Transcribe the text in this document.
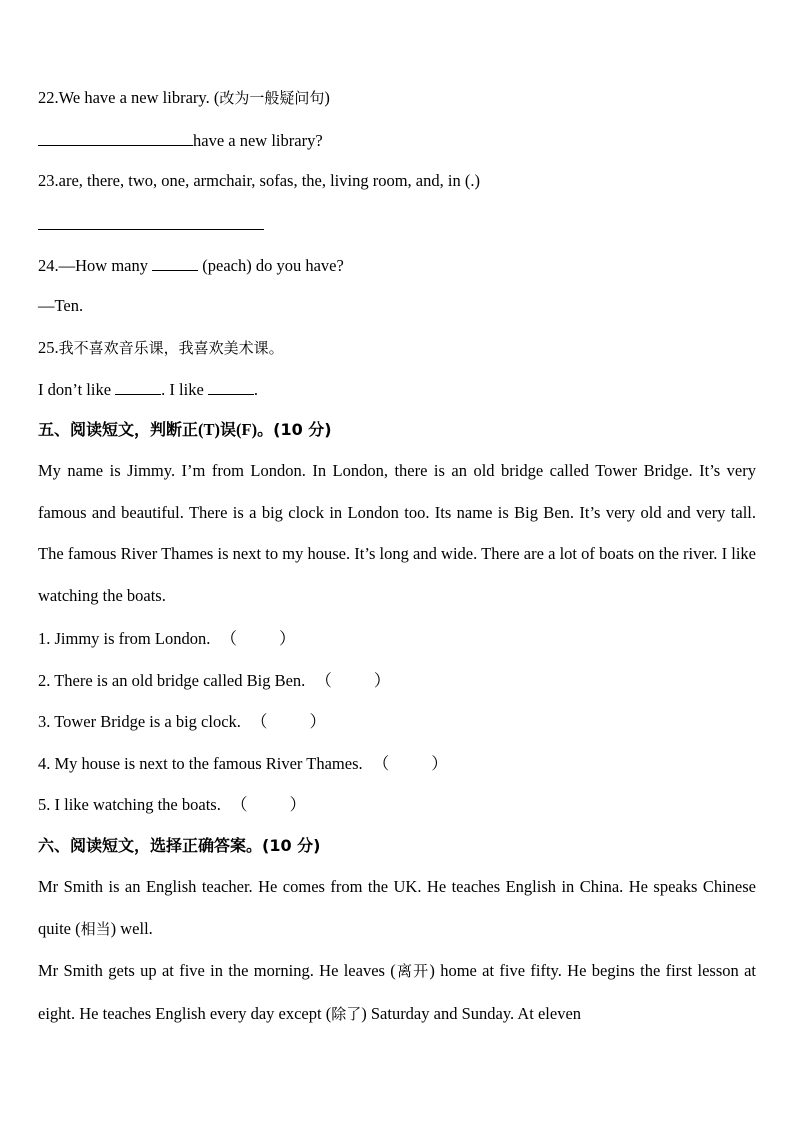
22.We have a new library. (改为一般疑问句)
have a new library?
23.are, there, two, one, armchair, sofas, the, living room, and, in (.)
24.—How many	(peach) do you have?
—Ten.
25.我不喜欢音乐课，我喜欢美术课。
I don’t like	. I like	.
五、阅读短文，判断正(T)误(F)。(10 分)
My name is Jimmy. I’m from London. In London, there is an old bridge called Tower Bridge. It’s very famous and beautiful. There is a big clock in London too. Its name is Big Ben. It’s very old and very tall. The famous River Thames is next to my house. It’s long and wide. There are a lot of boats on the river. I like watching the boats.
1. Jimmy is from London. （	）
2. There is an old bridge called Big Ben. （	）
3. Tower Bridge is a big clock. （	）
4. My house is next to the famous River Thames. （	）
5. I like watching the boats. （	）
六、阅读短文，选择正确答案。(10 分)
Mr Smith is an English teacher. He comes from the UK. He teaches English in China. He speaks Chinese quite (相当) well.
Mr Smith gets up at five in the morning. He leaves (离开) home at five fifty. He begins the first lesson at eight. He teaches English every day except (除了) Saturday and Sunday. At eleven
